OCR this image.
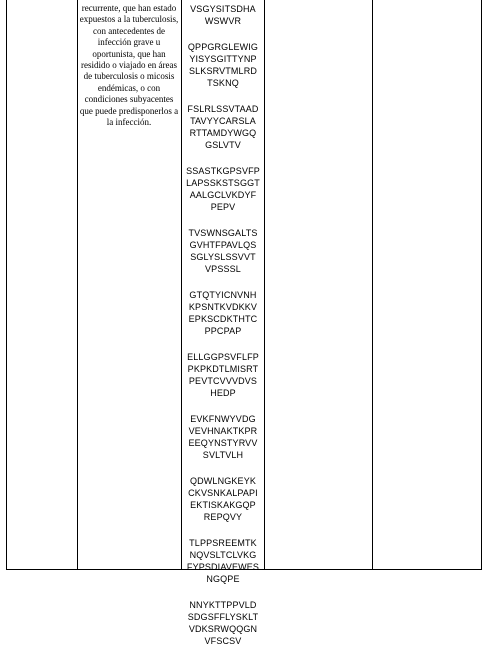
recurrente, que han estado expuestos a la tuberculosis, con antecedentes de infección grave u oportunista, que han residido o viajado en áreas de tuberculosis o micosis endémicas, o con condiciones subyacentes que puede predisponerlos a la infección.
VSGYSITSDHA
WSWVR
QPPGRGLEWIG
YISYSGITTYNP
SLKSRVTMLRD
TSKNQ
FSLRLSSVTAAD
TAVYYCARSLA
RTTAMDYWGQ
GSLVTV
SSASTKGPSVFP
LAPSSKSTSGGT
AALGCLVKDYF
PEPV
TVSWNSGALTS
GVHTFPAVLQS
SGLYSLSSVVT
VPSSSL
GTQTYICNVNH
KPSNTKVDKKV
EPKSCDKTHTC
PPCPAP
ELLGGPSVFLFP
PKPKDTLMISRT
PEVTCVVVDVS
HEDP
EVKFNWYVDG
VEVHNAKTKPR
EEQYNSTYRVV
SVLTVLH
QDWLNGKEYK
CKVSNKALPAPI
EKTISKAKGQP
REPQVY
TLPPSREEMTK
NQVSLTCLVKG
FYPSDIAVEWES
NGQPE
NNYKTTPPVLD
SDGSFFLYSKLT
VDKSRWQQGN
VFSCSV
